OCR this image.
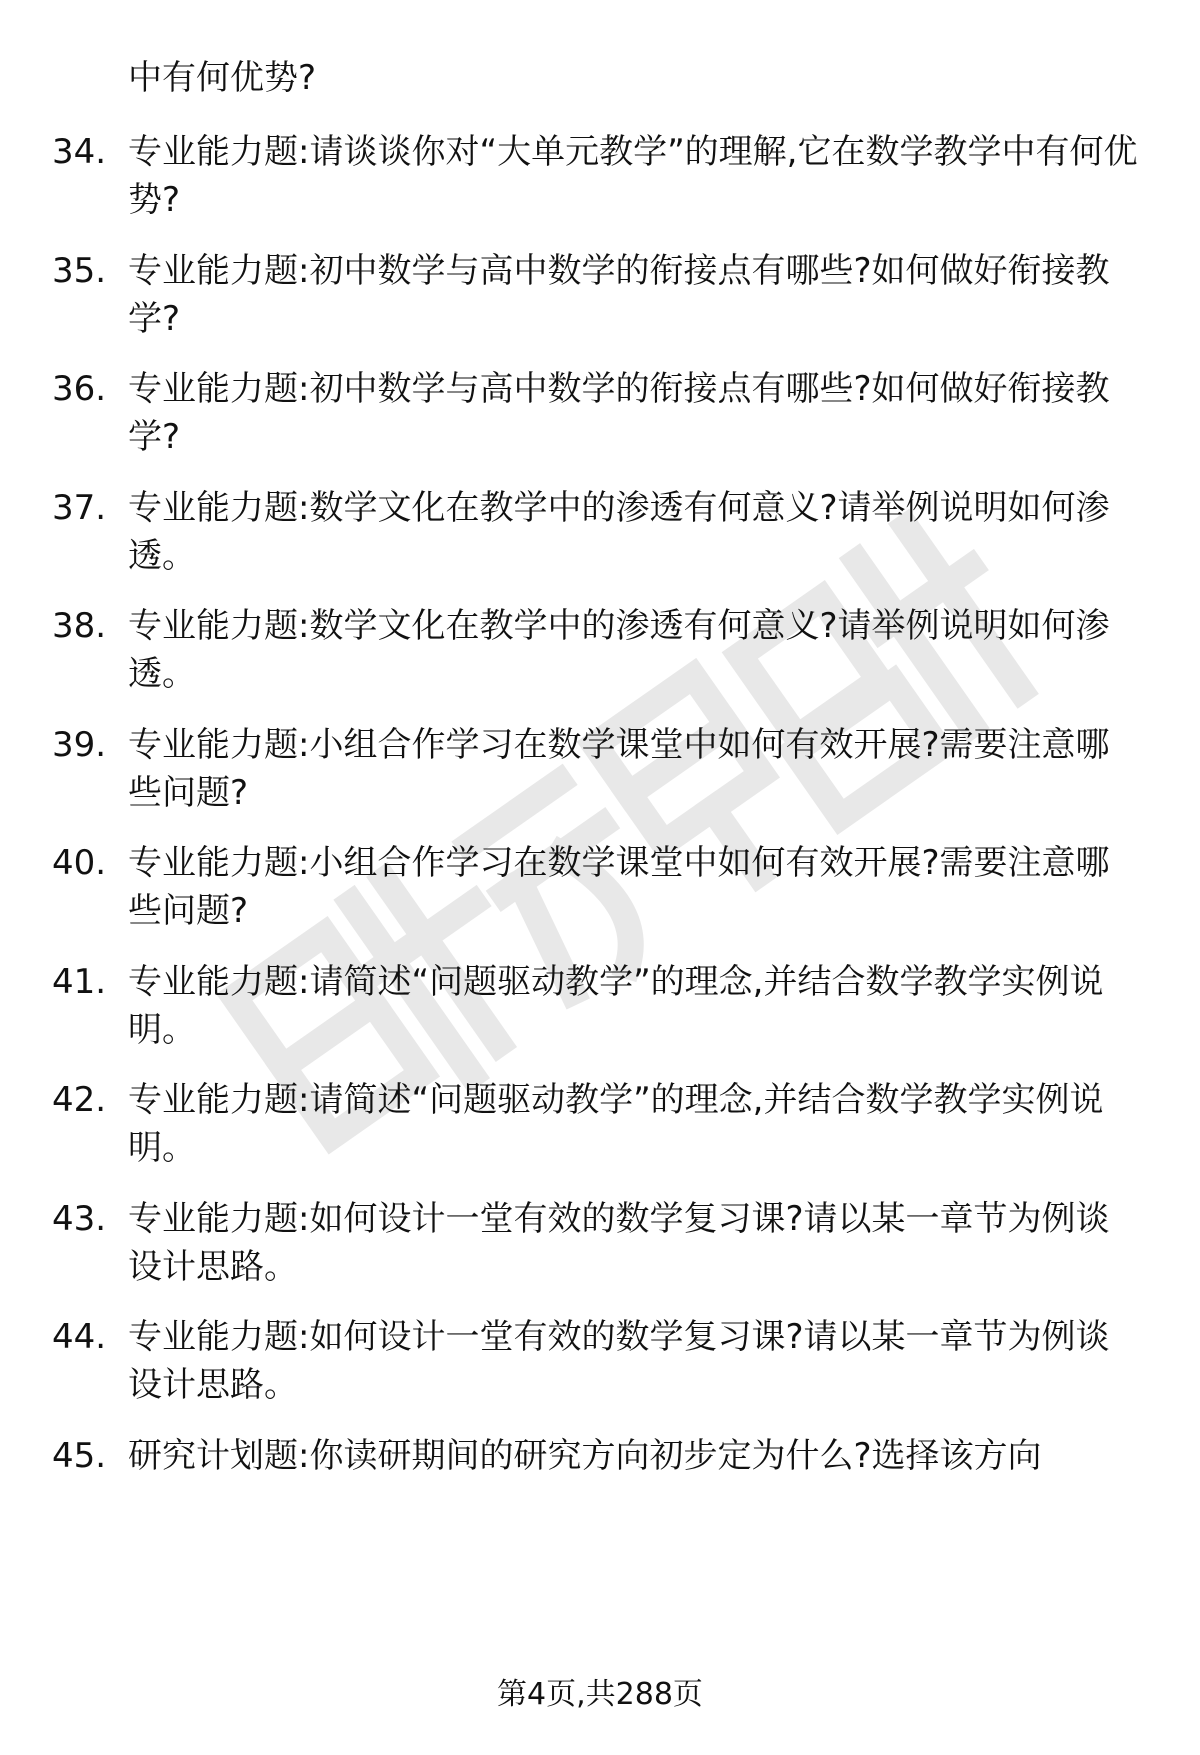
中有何优势?
34. 专业能力题:请谈谈你对“大单元教学”的理解,它在数学教学中有何优势?
35. 专业能力题:初中数学与高中数学的衔接点有哪些?如何做好衔接教学?
36. 专业能力题:初中数学与高中数学的衔接点有哪些?如何做好衔接教学?
37. 专业能力题:数学文化在教学中的渗透有何意义?请举例说明如何渗透。
38. 专业能力题:数学文化在教学中的渗透有何意义?请举例说明如何渗透。
39. 专业能力题:小组合作学习在数学课堂中如何有效开展?需要注意哪些问题?
40. 专业能力题:小组合作学习在数学课堂中如何有效开展?需要注意哪些问题?
41. 专业能力题:请简述“问题驱动教学”的理念,并结合数学教学实例说明。
42. 专业能力题:请简述“问题驱动教学”的理念,并结合数学教学实例说明。
43. 专业能力题:如何设计一堂有效的数学复习课?请以某一章节为例谈设计思路。
44. 专业能力题:如何设计一堂有效的数学复习课?请以某一章节为例谈设计思路。
45. 研究计划题:你读研期间的研究方向初步定为什么?选择该方向
第4页,共288页
